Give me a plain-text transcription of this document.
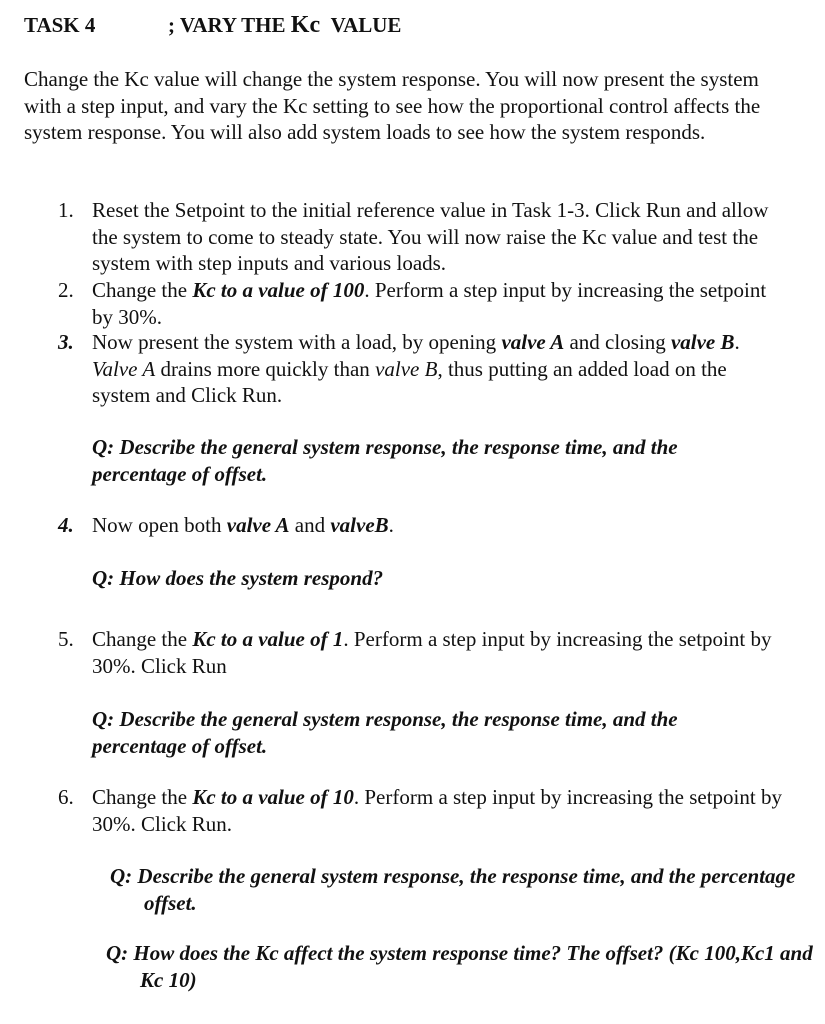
TASK 4	; VARY THE Kc VALUE

Change the Kc value will change the system response. You will now present the system with a step input, and vary the Kc setting to see how the proportional control affects the system response. You will also add system loads to see how the system responds.

1. Reset the Setpoint to the initial reference value in Task 1-3. Click Run and allow the system to come to steady state. You will now raise the Kc value and test the system with step inputs and various loads.
2. Change the Kc to a value of 100. Perform a step input by increasing the setpoint by 30%.
3. Now present the system with a load, by opening valve A and closing valve B. Valve A drains more quickly than valve B, thus putting an added load on the system and Click Run.
Q: Describe the general system response, the response time, and the percentage of offset.
4. Now open both valve A and valveB.
Q: How does the system respond?
5. Change the Kc to a value of 1. Perform a step input by increasing the setpoint by 30%. Click Run
Q: Describe the general system response, the response time, and the percentage of offset.
6. Change the Kc to a value of 10. Perform a step input by increasing the setpoint by 30%. Click Run.
Q: Describe the general system response, the response time, and the percentage offset.
Q: How does the Kc affect the system response time? The offset? (Kc 100,Kc1 and Kc 10)
